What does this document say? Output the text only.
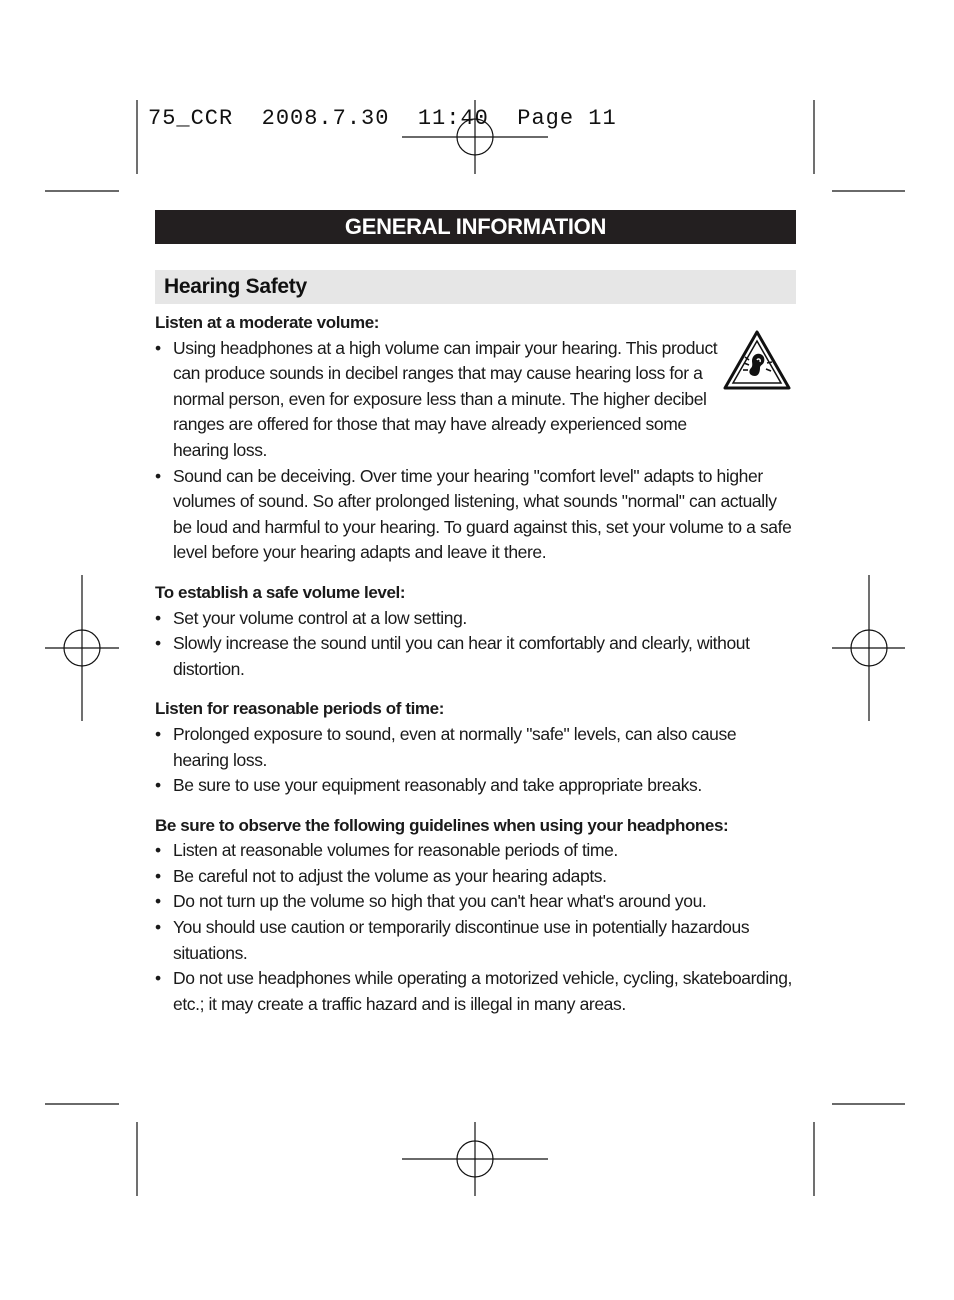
75_CCR  2008.7.30  11:40  Page 11
GENERAL INFORMATION
Hearing Safety

Listen at a moderate volume:

• Using headphones at a high volume can impair your hearing. This product can produce sounds in decibel ranges that may cause hearing loss for a normal person, even for exposure less than a minute. The higher decibel ranges are offered for those that may have already experienced some hearing loss.
• Sound can be deceiving. Over time your hearing "comfort level" adapts to higher volumes of sound. So after prolonged listening, what sounds "normal" can actually be loud and harmful to your hearing. To guard against this, set your volume to a safe level before your hearing adapts and leave it there.

To establish a safe volume level:

• Set your volume control at a low setting.
• Slowly increase the sound until you can hear it comfortably and clearly, without distortion.

Listen for reasonable periods of time:

• Prolonged exposure to sound, even at normally "safe" levels, can also cause hearing loss.
• Be sure to use your equipment reasonably and take appropriate breaks.

Be sure to observe the following guidelines when using your headphones:

• Listen at reasonable volumes for reasonable periods of time.
• Be careful not to adjust the volume as your hearing adapts.
• Do not turn up the volume so high that you can't hear what's around you.
• You should use caution or temporarily discontinue use in potentially hazardous situations.
• Do not use headphones while operating a motorized vehicle, cycling, skateboarding, etc.; it may create a traffic hazard and is illegal in many areas.
